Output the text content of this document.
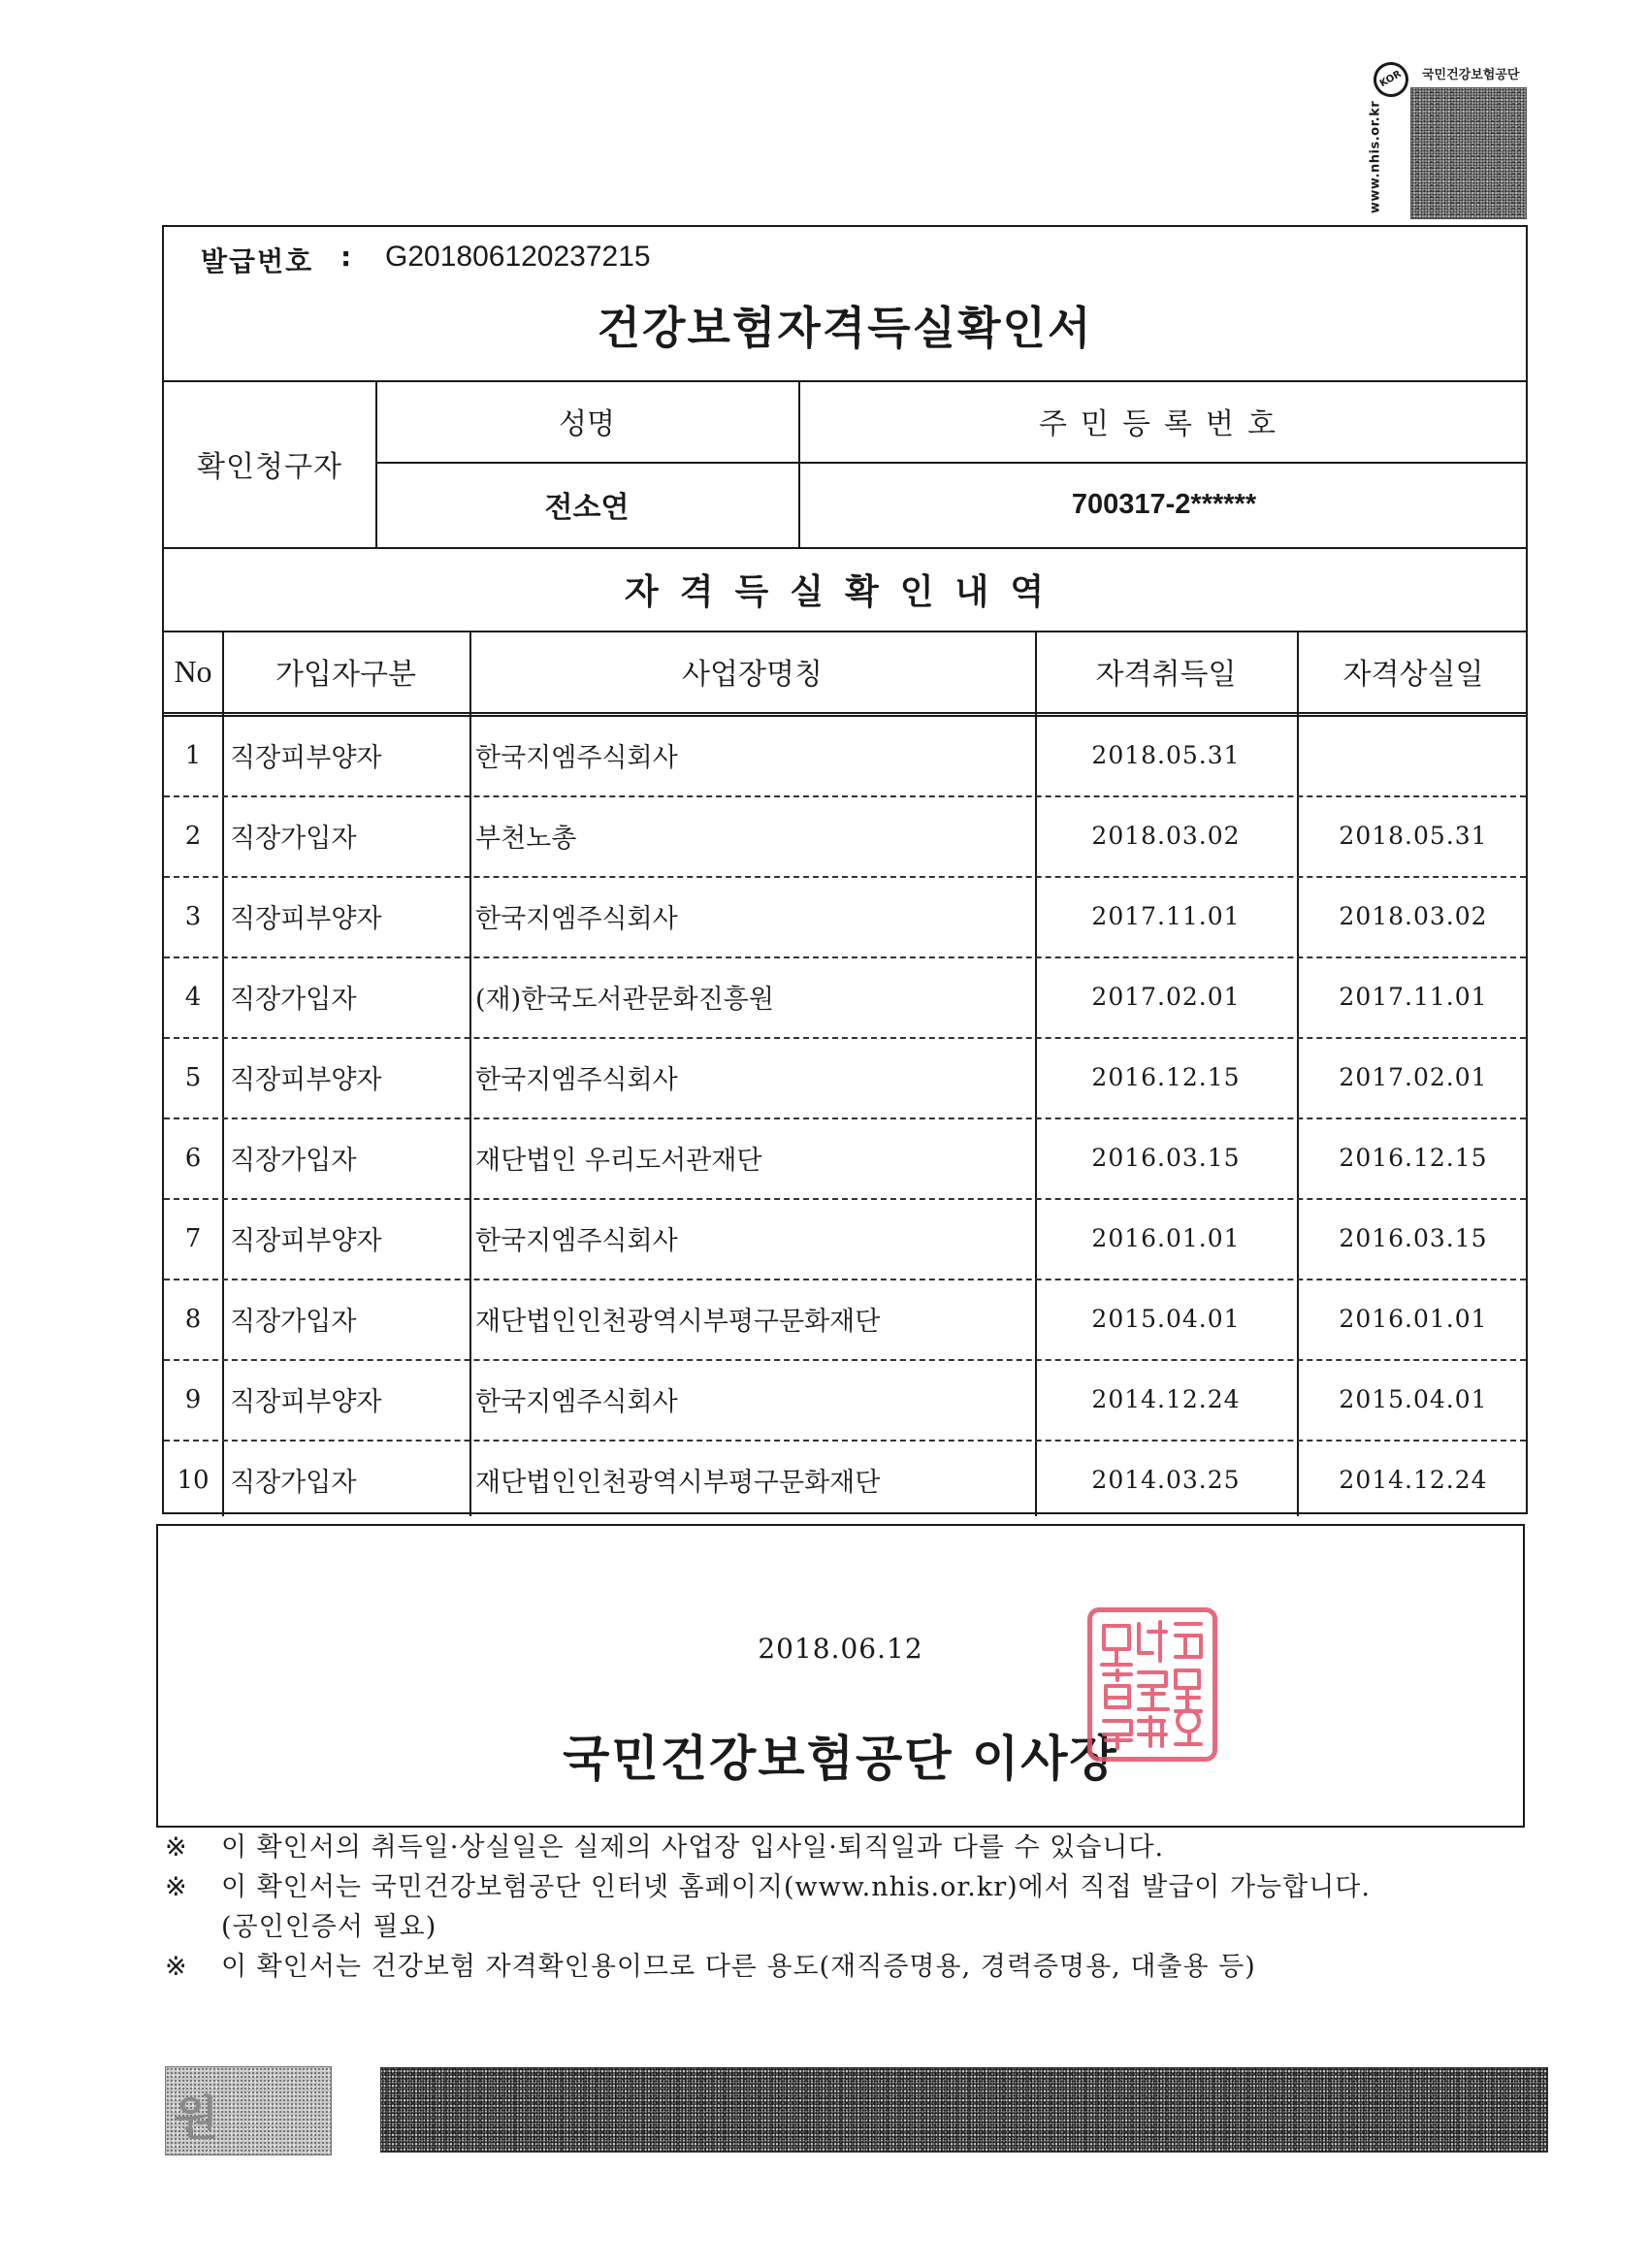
KOR	국민건강보험공단
www.nhis.or.kr
발급번호 : G201806120237215
건강보험자격득실확인서
확인청구자
성명	주민등록번호
전소연	700317-2******
자격득실확인내역
No	가입자구분	사업장명칭	자격취득일	자격상실일
1	직장피부양자	한국지엠주식회사	2018.05.31
2	직장가입자	부천노총	2018.03.02	2018.05.31
3	직장피부양자	한국지엠주식회사	2017.11.01	2018.03.02
4	직장가입자	(재)한국도서관문화진흥원	2017.02.01	2017.11.01
5	직장피부양자	한국지엠주식회사	2016.12.15	2017.02.01
6	직장가입자	재단법인 우리도서관재단	2016.03.15	2016.12.15
7	직장피부양자	한국지엠주식회사	2016.01.01	2016.03.15
8	직장가입자	재단법인인천광역시부평구문화재단	2015.04.01	2016.01.01
9	직장피부양자	한국지엠주식회사	2014.12.24	2015.04.01
10 직장가입자	재단법인인천광역시부평구문화재단	2014.03.25	2014.12.24
2018.06.12
국민건강보험공단 이사장
※ 이 확인서의 취득일·상실일은 실제의 사업장 입사일·퇴직일과 다를 수 있습니다.
※ 이 확인서는 국민건강보험공단 인터넷 홈페이지(www.nhis.or.kr)에서 직접 발급이 가능합니다.
(공인인증서 필요)
※ 이 확인서는 건강보험 자격확인용이므로 다른 용도(재직증명용, 경력증명용, 대출용 등)

원
